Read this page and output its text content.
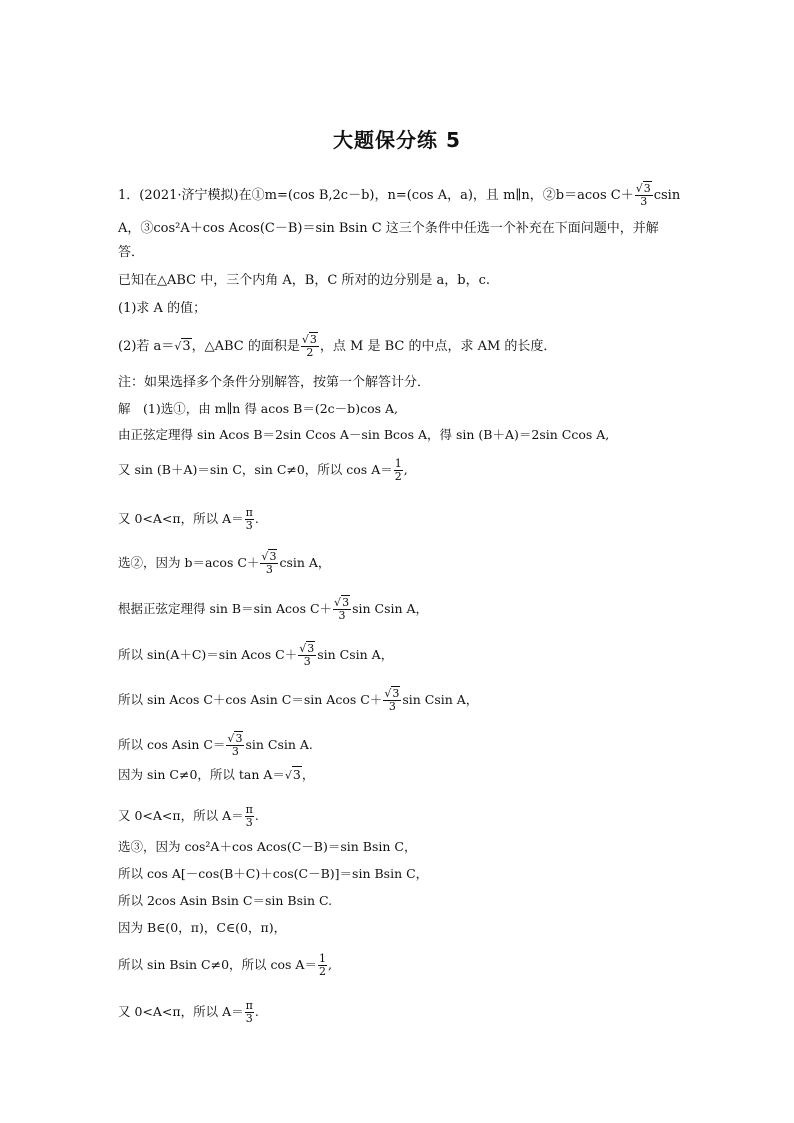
大题保分练 5
1．(2021·济宁模拟)在①m=(cos B,2c－b)，n=(cos A，a)，且 m∥n，②b＝acos $C+ \frac{√3}{3}$ csin
A，③cos²A＋cos Acos(C－B)＝sin Bsin C 这三个条件中任选一个补充在下面问题中，并解
答．
已知在△ABC 中，三个内角 A，B，C 所对的边分别是 a，b，c.
(1)求 A 的值；
(2)若 a＝√3，△ABC 的面积是 $\frac{√3}{2}$ ，点 M 是 BC 的中点，求 AM 的长度．
注：如果选择多个条件分别解答，按第一个解答计分．
解　(1)选①，由 m∥n 得 acos B＝(2c－b)cos A,
由正弦定理得 sin Acos B＝2sin Ccos A－sin Bcos A，得 sin (B＋A)＝2sin Ccos A,
又 sin (B＋A)＝sin C，sin C≠0，所以 $\cos A= \frac{1}{2}$ ,
又 0<A<π，所以 $A= \frac{\pi}{3}$ .
选②，因为 b＝acos $C+ \frac{√3}{3}$ csin A，
根据正弦定理得 sin B＝sin Acos $C+ \frac{√3}{3}$ sin Csin A，
所以 sin(A＋C)＝sin Acos $C+ \frac{√3}{3}$ sin Csin A，
所以 sin Acos C＋cos Asin C＝sin Acos $C+ \frac{√3}{3}$ sin Csin A，
所以 cos Asin $C= \frac{√3}{3}$ sin Csin A.
因为 sin C≠0，所以 tan A＝√3，
又 0<A<π，所以 $A= \frac{\pi}{3}$ .
选③，因为 cos²A＋cos Acos(C－B)＝sin Bsin C，
所以 cos A[－cos(B＋C)＋cos(C－B)]＝sin Bsin C，
所以 2cos Asin Bsin C＝sin Bsin C.
因为 B∈(0，π)，C∈(0，π)，
所以 sin Bsin C≠0，所以 $\cos A= \frac{1}{2}$ ,
又 0<A<π，所以 $A= \frac{\pi}{3}$ .
